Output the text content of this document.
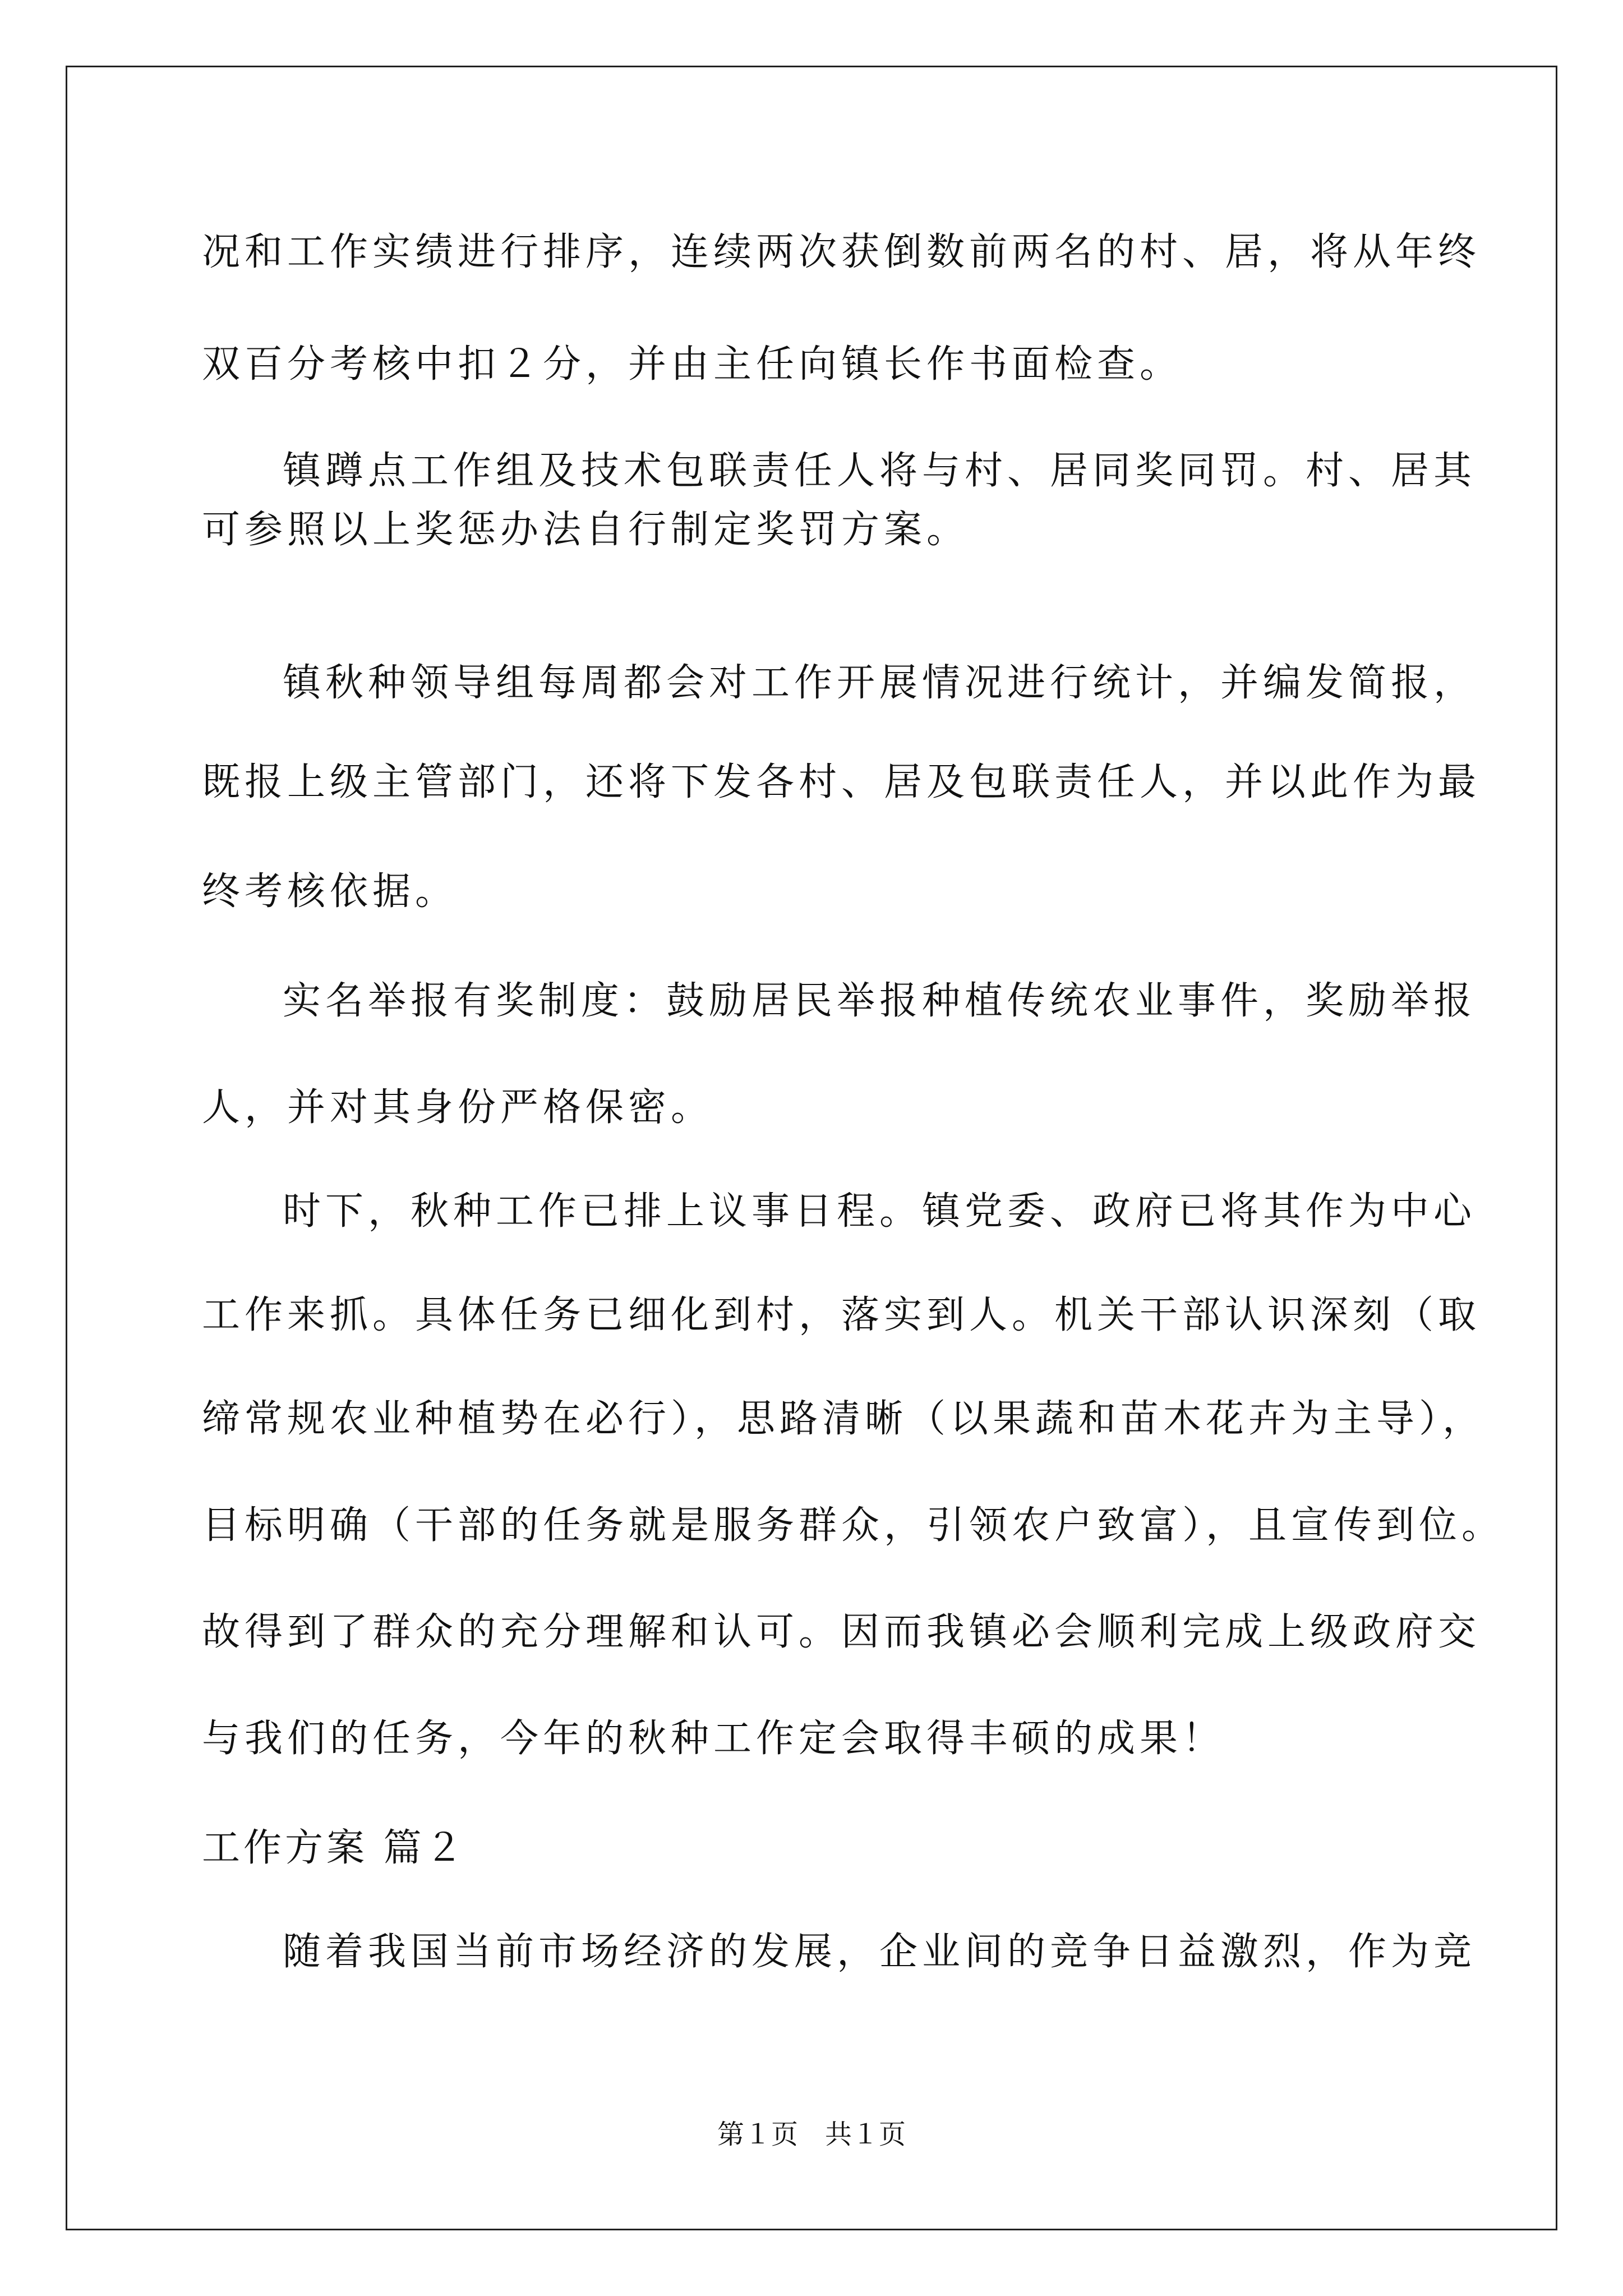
况和工作实绩进行排序，连续两次获倒数前两名的村、居，将从年终
双百分考核中扣２分，并由主任向镇长作书面检查。
镇蹲点工作组及技术包联责任人将与村、居同奖同罚。村、居其
可参照以上奖惩办法自行制定奖罚方案。
镇秋种领导组每周都会对工作开展情况进行统计，并编发简报，
既报上级主管部门，还将下发各村、居及包联责任人，并以此作为最
终考核依据。
实名举报有奖制度：鼓励居民举报种植传统农业事件，奖励举报
人，并对其身份严格保密。
时下，秋种工作已排上议事日程。镇党委、政府已将其作为中心
工作来抓。具体任务已细化到村，落实到人。机关干部认识深刻（取
缔常规农业种植势在必行），思路清晰（以果蔬和苗木花卉为主导），
目标明确（干部的任务就是服务群众，引领农户致富），且宣传到位。
故得到了群众的充分理解和认可。因而我镇必会顺利完成上级政府交
与我们的任务，今年的秋种工作定会取得丰硕的成果！
工作方案 篇２
随着我国当前市场经济的发展，企业间的竞争日益激烈，作为竞
第１页　共１页
